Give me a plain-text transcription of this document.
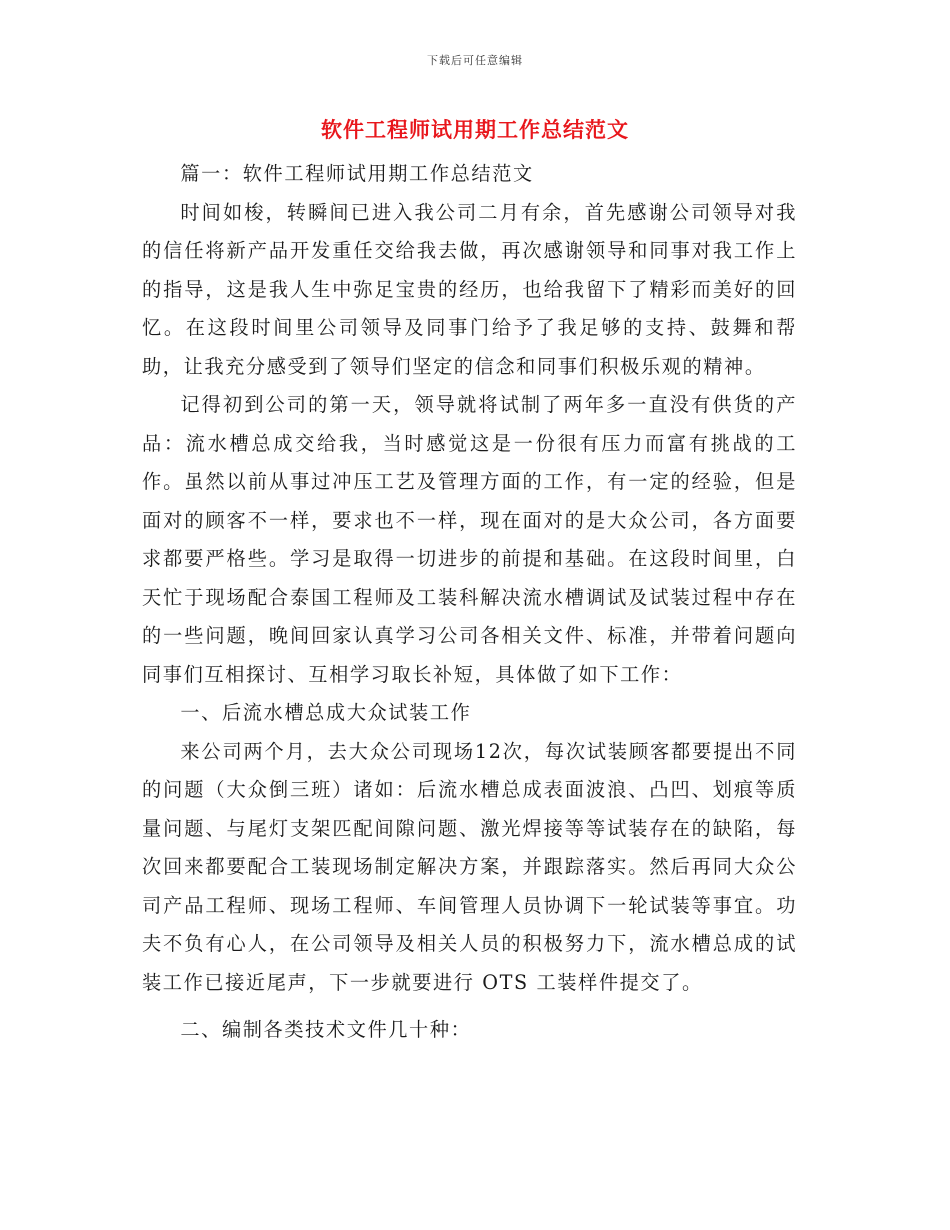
下载后可任意编辑
软件工程师试用期工作总结范文

篇一：软件工程师试用期工作总结范文

时间如梭，转瞬间已进入我公司二月有余，首先感谢公司领导对我的信任将新产品开发重任交给我去做，再次感谢领导和同事对我工作上的指导，这是我人生中弥足宝贵的经历，也给我留下了精彩而美好的回忆。在这段时间里公司领导及同事门给予了我足够的支持、鼓舞和帮助，让我充分感受到了领导们坚定的信念和同事们积极乐观的精神。

记得初到公司的第一天，领导就将试制了两年多一直没有供货的产品：流水槽总成交给我，当时感觉这是一份很有压力而富有挑战的工作。虽然以前从事过冲压工艺及管理方面的工作，有一定的经验，但是面对的顾客不一样，要求也不一样，现在面对的是大众公司，各方面要求都要严格些。学习是取得一切进步的前提和基础。在这段时间里，白天忙于现场配合泰国工程师及工装科解决流水槽调试及试装过程中存在的一些问题，晚间回家认真学习公司各相关文件、标准，并带着问题向同事们互相探讨、互相学习取长补短，具体做了如下工作：

一、后流水槽总成大众试装工作

来公司两个月，去大众公司现场12次，每次试装顾客都要提出不同的问题（大众倒三班）诸如：后流水槽总成表面波浪、凸凹、划痕等质量问题、与尾灯支架匹配间隙问题、激光焊接等等试装存在的缺陷，每次回来都要配合工装现场制定解决方案，并跟踪落实。然后再同大众公司产品工程师、现场工程师、车间管理人员协调下一轮试装等事宜。功夫不负有心人，在公司领导及相关人员的积极努力下，流水槽总成的试装工作已接近尾声，下一步就要进行 OTS 工装样件提交了。

二、编制各类技术文件几十种：
